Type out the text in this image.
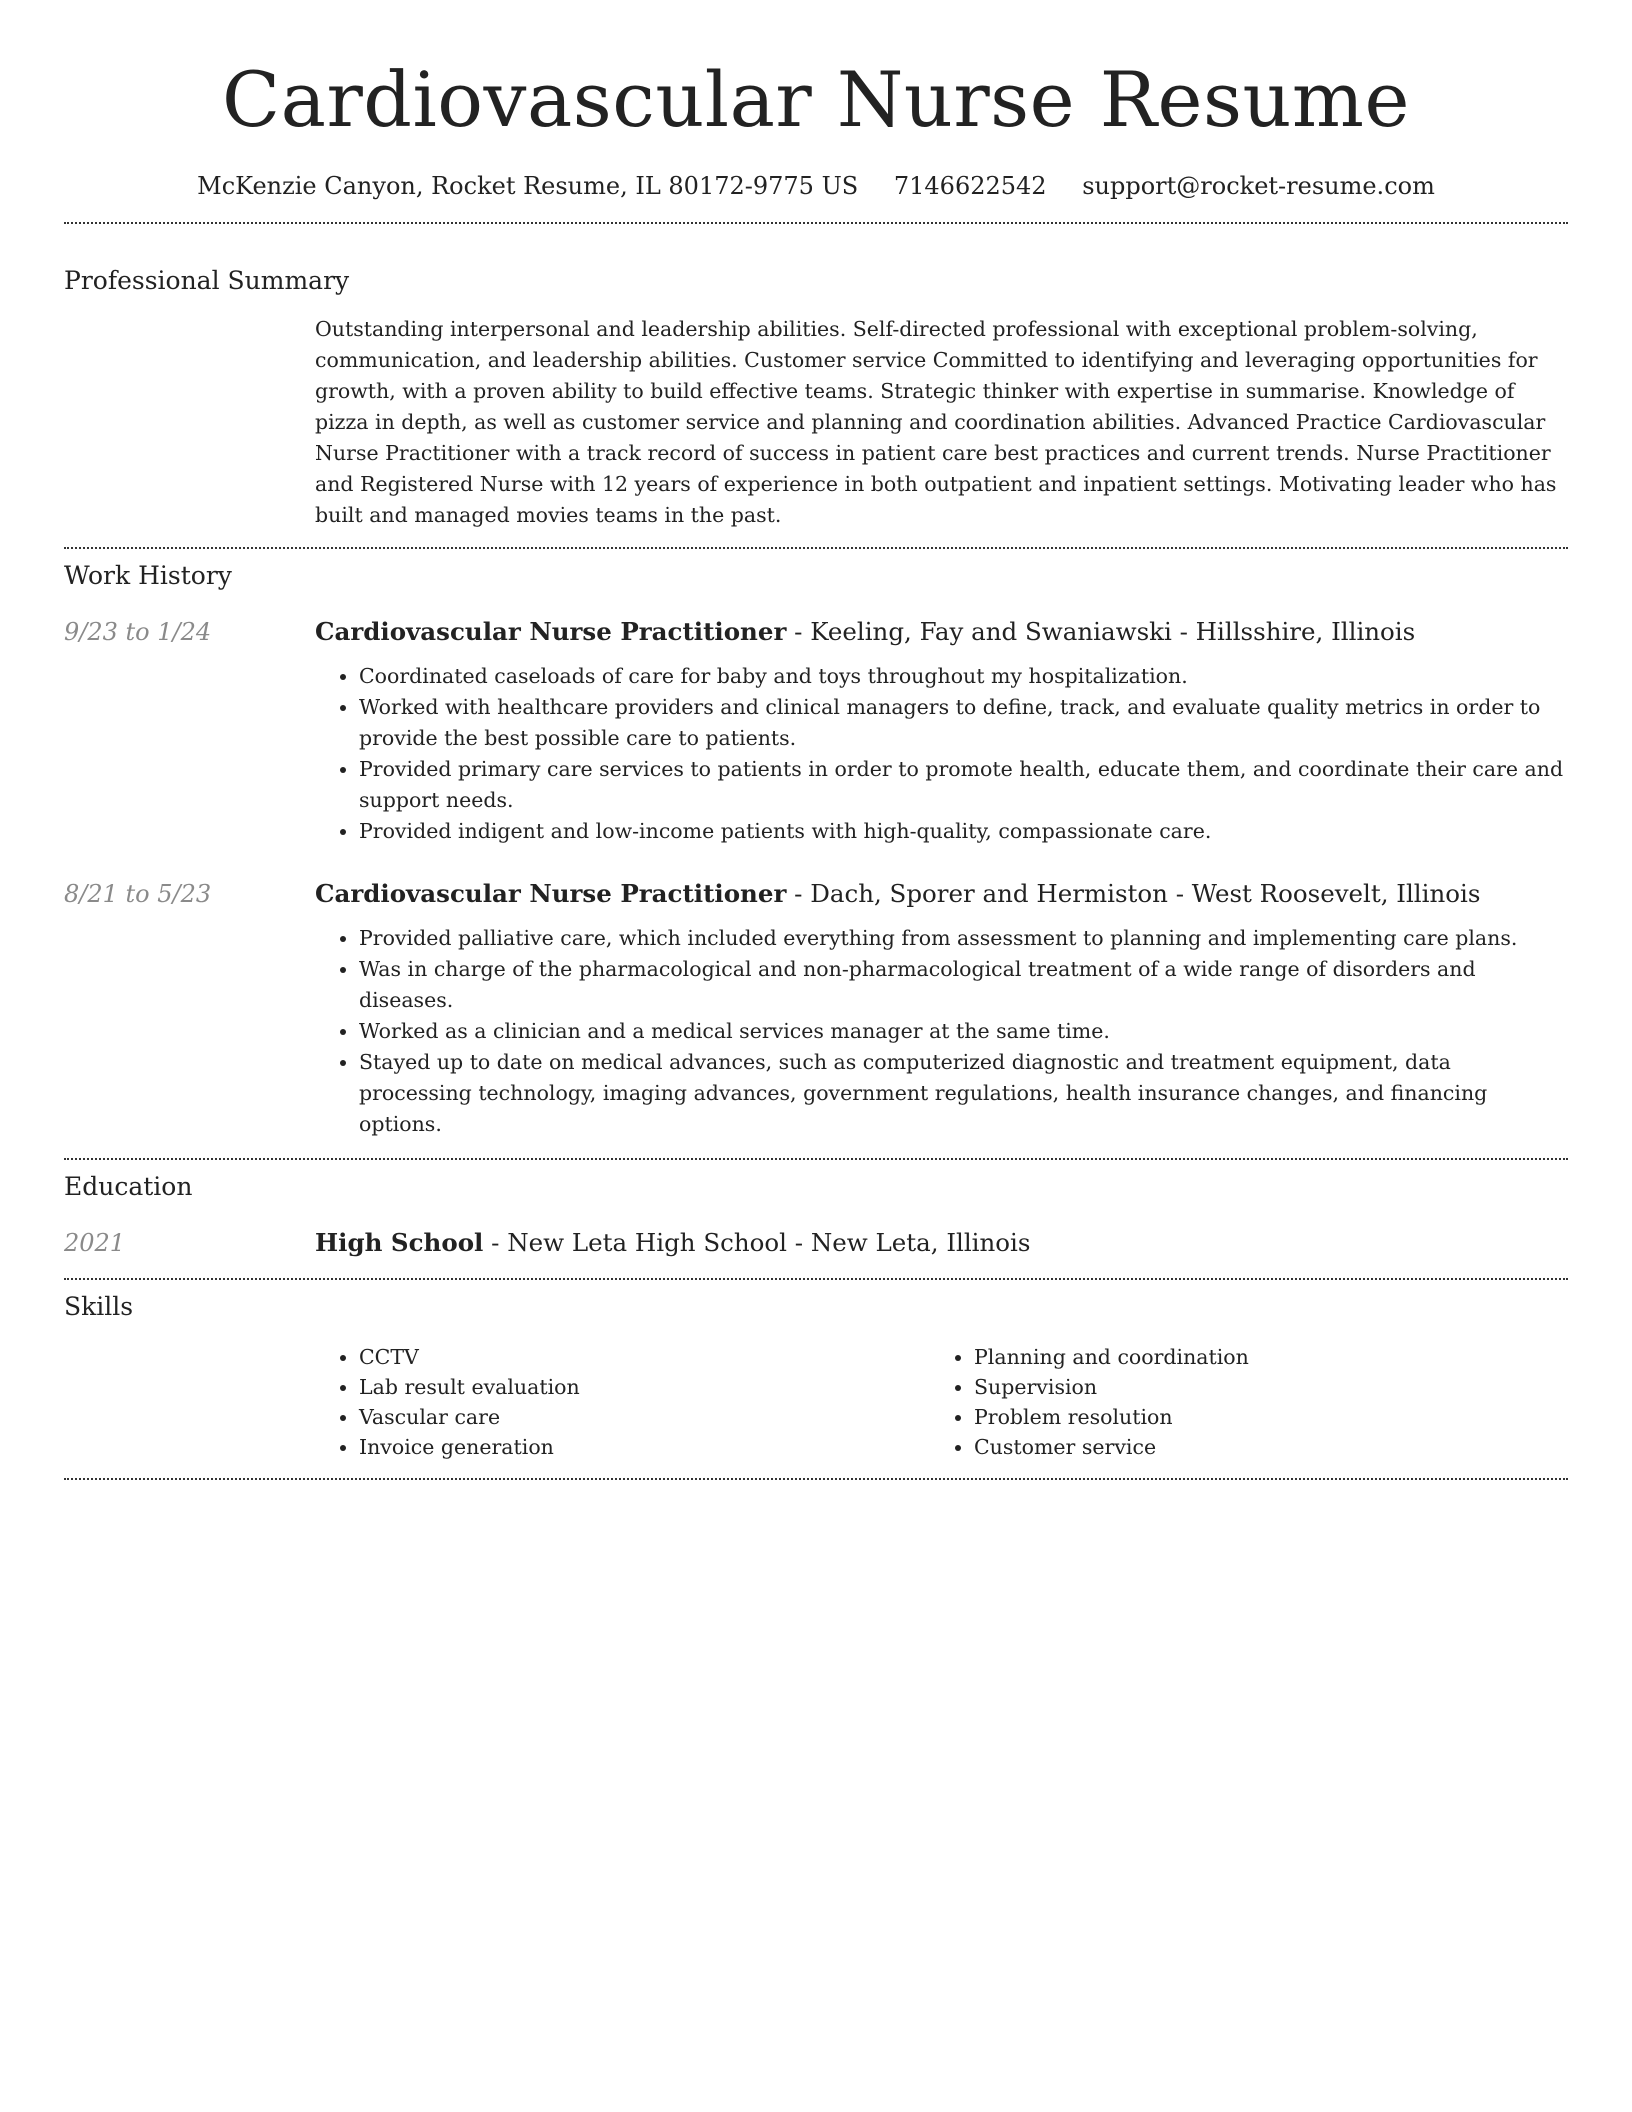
Cardiovascular Nurse Resume
McKenzie Canyon, Rocket Resume, IL 80172-9775 US 7146622542 support@rocket-resume.com
Professional Summary

Outstanding interpersonal and leadership abilities. Self-directed professional with exceptional problem-solving, communication, and leadership abilities. Customer service Committed to identifying and leveraging opportunities for growth, with a proven ability to build effective teams. Strategic thinker with expertise in summarise. Knowledge of pizza in depth, as well as customer service and planning and coordination abilities. Advanced Practice Cardiovascular Nurse Practitioner with a track record of success in patient care best practices and current trends. Nurse Practitioner and Registered Nurse with 12 years of experience in both outpatient and inpatient settings. Motivating leader who has built and managed movies teams in the past.

Work History
9/23 to 1/24	Cardiovascular Nurse Practitioner - Keeling, Fay and Swaniawski - Hillsshire, Illinois
• Coordinated caseloads of care for baby and toys throughout my hospitalization.
• Worked with healthcare providers and clinical managers to define, track, and evaluate quality metrics in order to provide the best possible care to patients.
• Provided primary care services to patients in order to promote health, educate them, and coordinate their care and support needs.
• Provided indigent and low-income patients with high-quality, compassionate care.
8/21 to 5/23	Cardiovascular Nurse Practitioner - Dach, Sporer and Hermiston - West Roosevelt, Illinois
• Provided palliative care, which included everything from assessment to planning and implementing care plans.
• Was in charge of the pharmacological and non-pharmacological treatment of a wide range of disorders and diseases.
• Worked as a clinician and a medical services manager at the same time.
• Stayed up to date on medical advances, such as computerized diagnostic and treatment equipment, data processing technology, imaging advances, government regulations, health insurance changes, and financing options.
Education
2021	High School - New Leta High School - New Leta, Illinois
Skills
• CCTV
• Lab result evaluation
• Vascular care
• Invoice generation
• Planning and coordination
• Supervision
• Problem resolution
• Customer service
